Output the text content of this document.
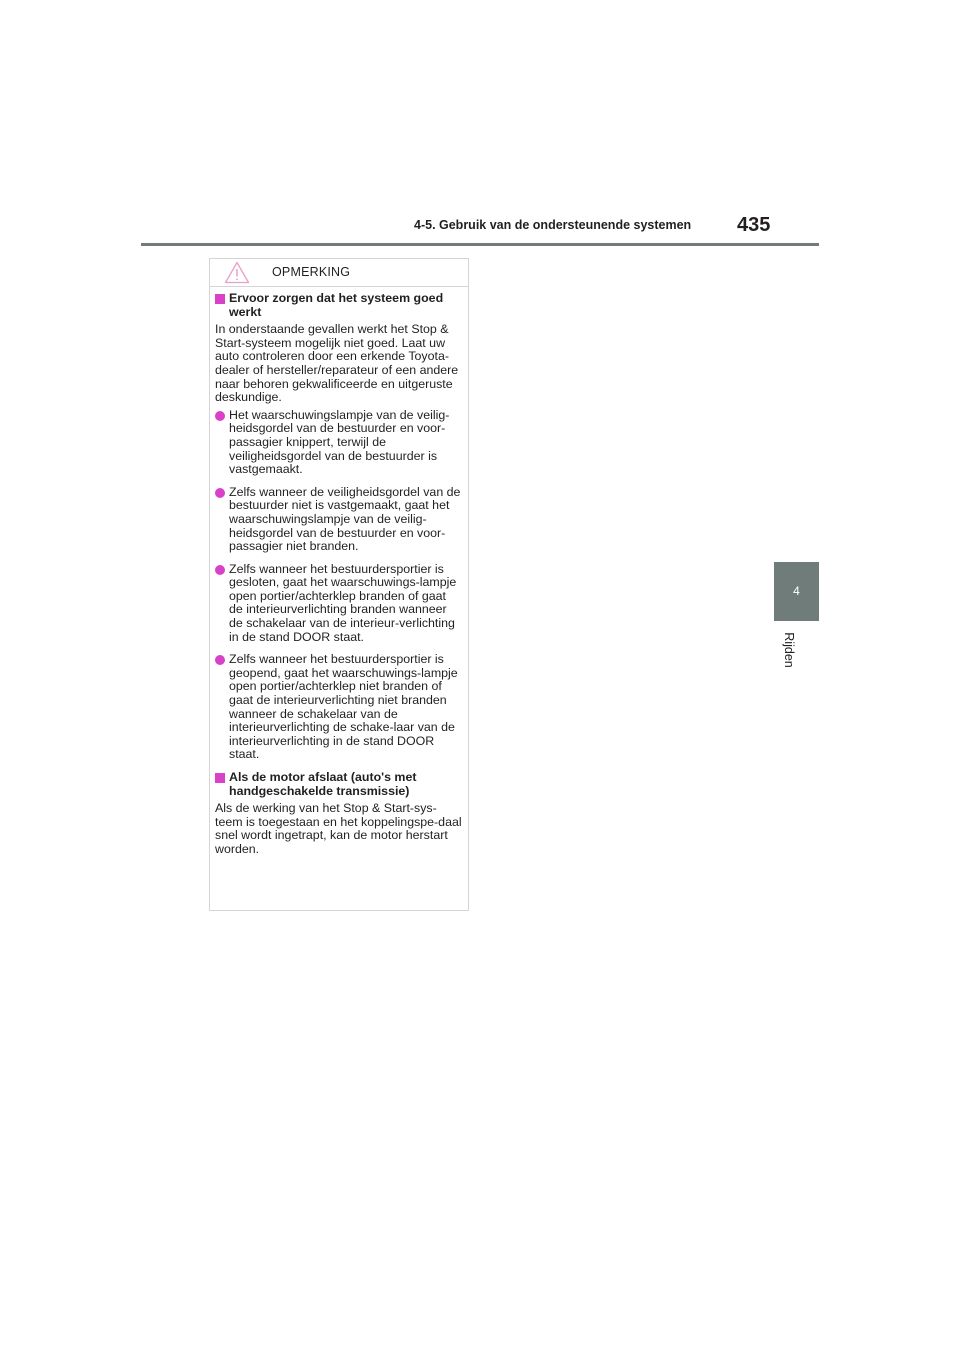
4-5. Gebruik van de ondersteunende systemen 435
4
Rijden
OPMERKING
Ervoor zorgen dat het systeem goed werkt

In onderstaande gevallen werkt het Stop & Start-systeem mogelijk niet goed. Laat uw auto controleren door een erkende Toyota-dealer of hersteller/reparateur of een andere naar behoren gekwalificeerde en uitgeruste deskundige.

Het waarschuwingslampje van de veilig-heidsgordel van de bestuurder en voor-passagier knippert, terwijl de veiligheidsgordel van de bestuurder is vastgemaakt.
Zelfs wanneer de veiligheidsgordel van de bestuurder niet is vastgemaakt, gaat het waarschuwingslampje van de veilig-heidsgordel van de bestuurder en voor-passagier niet branden.
Zelfs wanneer het bestuurdersportier is gesloten, gaat het waarschuwings-lampje open portier/achterklep branden of gaat de interieurverlichting branden wanneer de schakelaar van de interieur-verlichting in de stand DOOR staat.
Zelfs wanneer het bestuurdersportier is geopend, gaat het waarschuwings-lampje open portier/achterklep niet branden of gaat de interieurverlichting niet branden wanneer de schakelaar van de interieurverlichting de schake-laar van de interieurverlichting in de stand DOOR staat.
Als de motor afslaat (auto's met handgeschakelde transmissie)

Als de werking van het Stop & Start-sys-teem is toegestaan en het koppelingspe-daal snel wordt ingetrapt, kan de motor herstart worden.
